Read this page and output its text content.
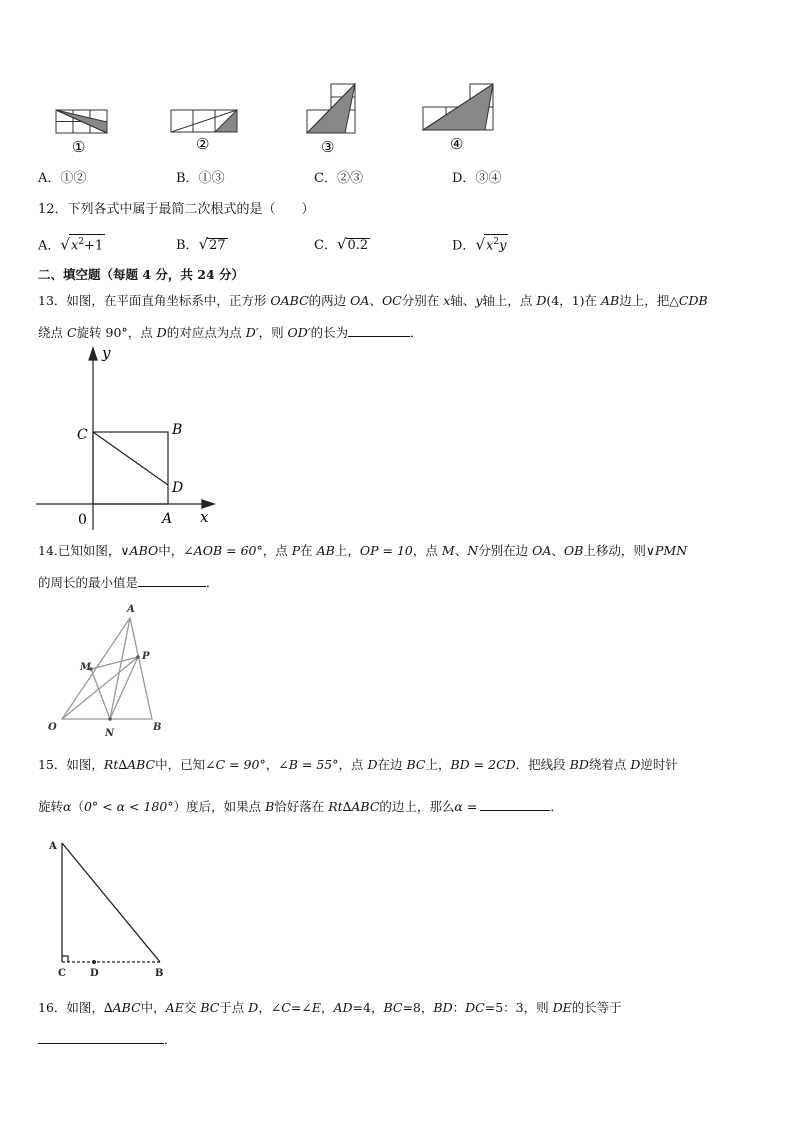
①	②	③	④
A．①②	B．①③	C．②③	D．③④
12．下列各式中属于最简二次根式的是（　　）
A．$√x^2+1$	B．√27	C．√0.2	D．$√x^2y$
二、填空题（每题 4 分，共 24 分）
13．如图，在平面直角坐标系中，正方形 OABC的两边 OA、OC分别在 x轴、y轴上，点 D(4，1)在 AB边上，把△CDB
绕点 C旋转 90°，点 D的对应点为点 D′，则 OD′的长为	．
y
x
0
C	B
D
A
14.已知如图，∨ABO中，∠AOB = 60°，点 P在 AB上，OP = 10，点 M、N分别在边 OA、OB上移动，则∨PMN
的周长的最小值是	．
A
P
M
O
N
B
15．如图，Rt∆ABC中，已知∠C = 90°，∠B = 55°，点 D在边 BC上，BD = 2CD．把线段 BD绕着点 D逆时针
旋转α（0° < α < 180°）度后，如果点 B恰好落在 Rt∆ABC的边上，那么α =	．
A
C D	B
16．如图，∆ABC中，AE交 BC于点 D，∠C=∠E，AD=4，BC=8，BD：DC=5：3，则 DE的长等于
．
